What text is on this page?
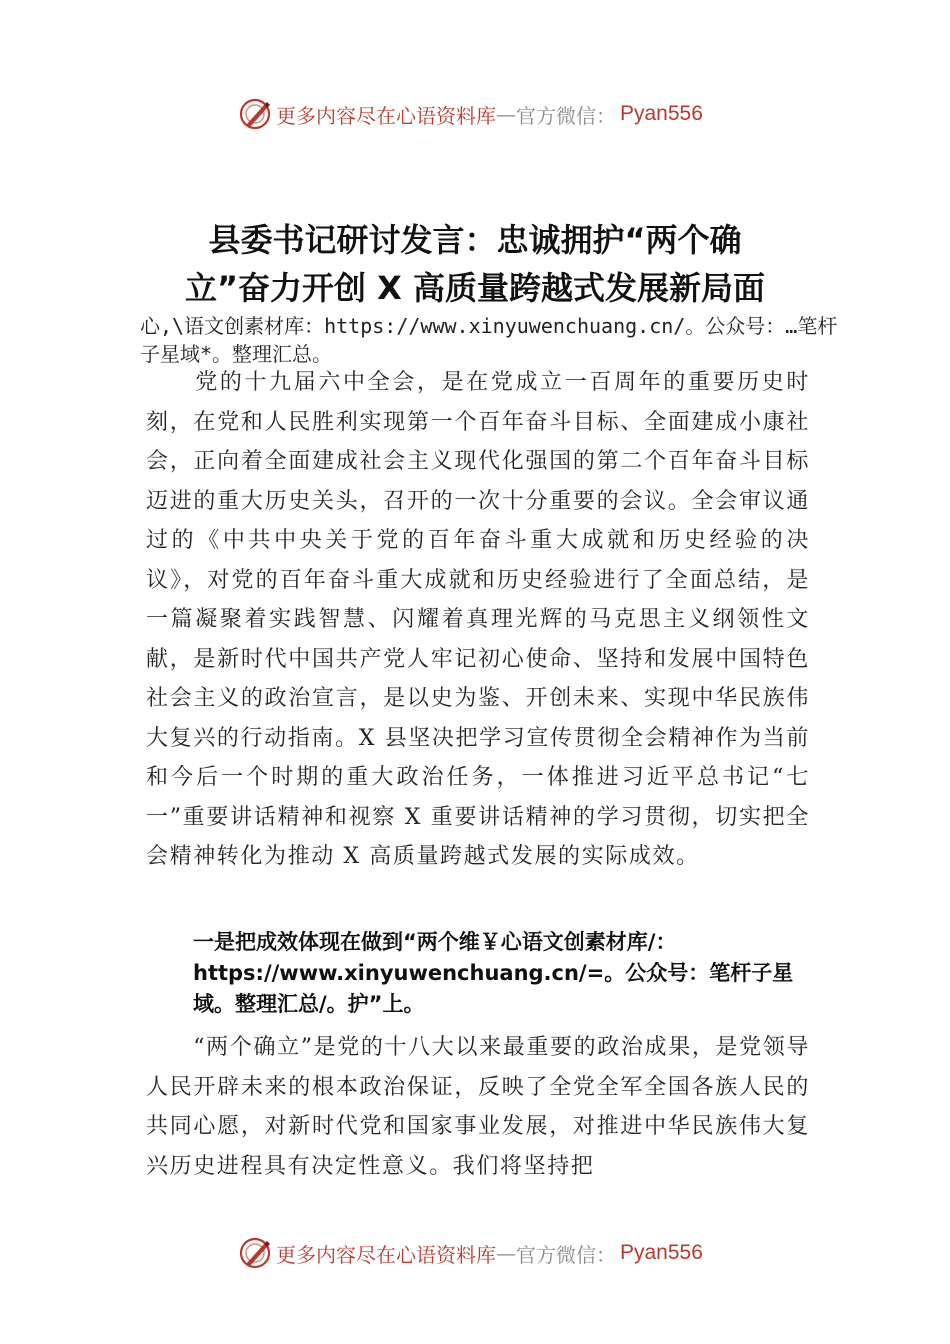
更多内容尽在心语资料库 — 官方微信： Pyan556
县委书记研讨发言：忠诚拥护“两个确
立”奋力开创 X 高质量跨越式发展新局面
心,\语文创素材库：https://www.xinyuwenchuang.cn/。公众号：…笔杆子星域*。整理汇总。
　　党的十九届六中全会，是在党成立一百周年的重要历史时刻，在党和人民胜利实现第一个百年奋斗目标、全面建成小康社会，正向着全面建成社会主义现代化强国的第二个百年奋斗目标迈进的重大历史关头，召开的一次十分重要的会议。全会审议通过的《中共中央关于党的百年奋斗重大成就和历史经验的决议》，对党的百年奋斗重大成就和历史经验进行了全面总结，是一篇凝聚着实践智慧、闪耀着真理光辉的马克思主义纲领性文献，是新时代中国共产党人牢记初心使命、坚持和发展中国特色社会主义的政治宣言，是以史为鉴、开创未来、实现中华民族伟大复兴的行动指南。X 县坚决把学习宣传贯彻全会精神作为当前和今后一个时期的重大政治任务，一体推进习近平总书记“七一”重要讲话精神和视察 X 重要讲话精神的学习贯彻，切实把全会精神转化为推动 X 高质量跨越式发展的实际成效。
一是把成效体现在做到“两个维￥心语文创素材库/：https://www.xinyuwenchuang.cn/=。公众号：笔杆子星域。整理汇总/。护”上。
　　“两个确立”是党的十八大以来最重要的政治成果，是党领导人民开辟未来的根本政治保证，反映了全党全军全国各族人民的共同心愿，对新时代党和国家事业发展，对推进中华民族伟大复兴历史进程具有决定性意义。我们将坚持把
更多内容尽在心语资料库 — 官方微信： Pyan556
